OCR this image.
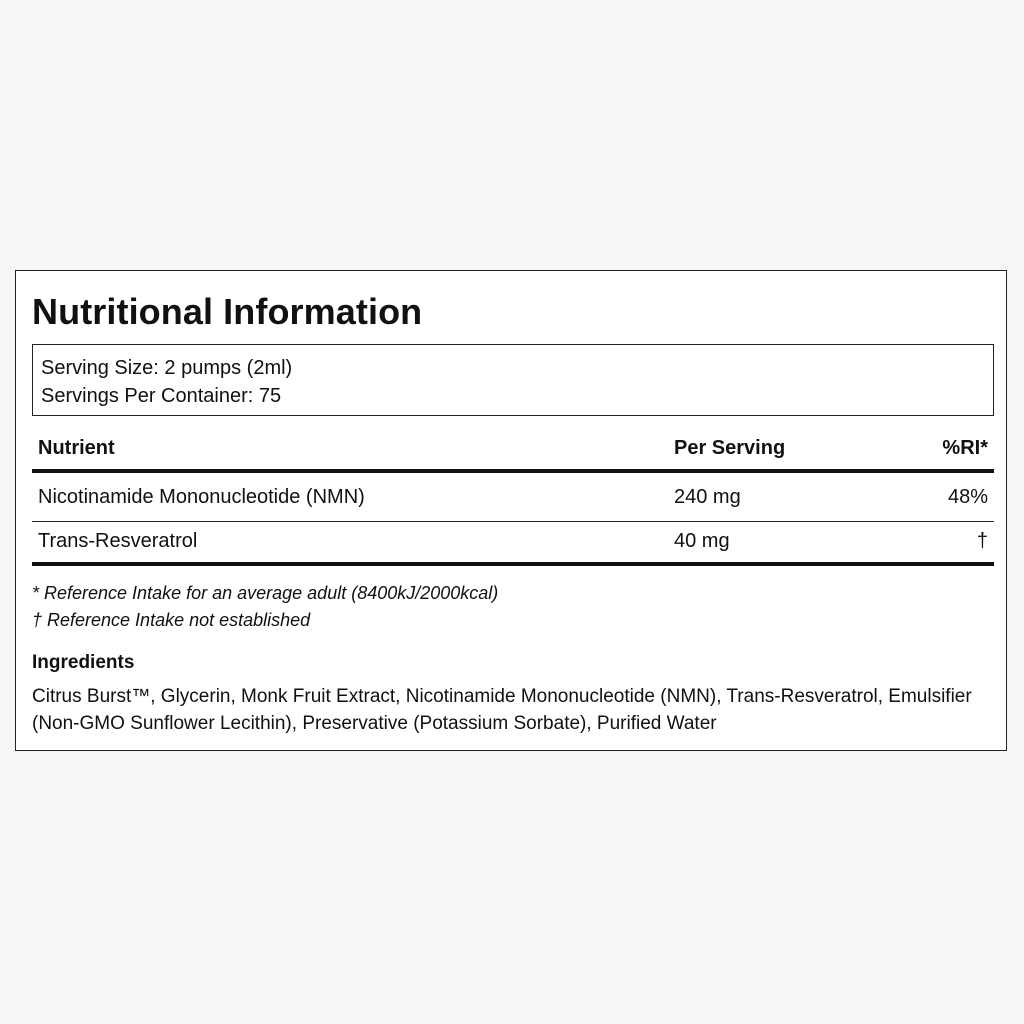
Nutritional Information
Serving Size: 2 pumps (2ml)
Servings Per Container: 75
Nutrient	Per Serving	%RI*
Nicotinamide Mononucleotide (NMN)	240 mg	48%
Trans-Resveratrol	40 mg	†
* Reference Intake for an average adult (8400kJ/2000kcal)
† Reference Intake not established
Ingredients
Citrus Burst™, Glycerin, Monk Fruit Extract, Nicotinamide Mononucleotide (NMN), Trans-Resveratrol, Emulsifier (Non-GMO Sunflower Lecithin), Preservative (Potassium Sorbate), Purified Water
